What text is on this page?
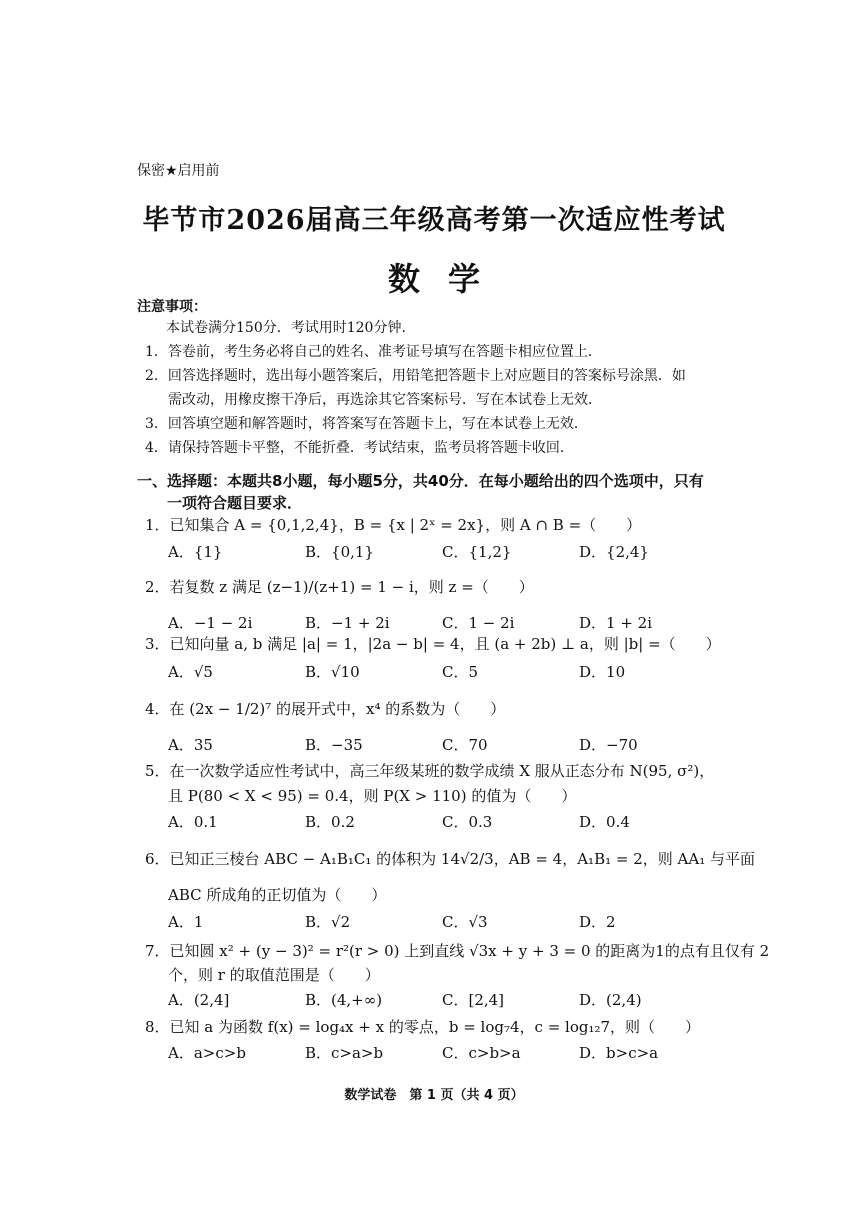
保密★启用前
毕节市2026届高三年级高考第一次适应性考试
数学
注意事项：
本试卷满分150分．考试用时120分钟．
1．答卷前，考生务必将自己的姓名、准考证号填写在答题卡相应位置上．
2．回答选择题时，选出每小题答案后，用铅笔把答题卡上对应题目的答案标号涂黑．如
需改动，用橡皮擦干净后，再选涂其它答案标号．写在本试卷上无效．
3．回答填空题和解答题时，将答案写在答题卡上，写在本试卷上无效．
4．请保持答题卡平整，不能折叠．考试结束，监考员将答题卡收回．
一、选择题：本题共8小题，每小题5分，共40分．在每小题给出的四个选项中，只有
一项符合题目要求．
1．已知集合 A = {0,1,2,4}，B = {x | 2ˣ = 2x}，则 A ∩ B =（　　）
A．{1}	B．{0,1}	C．{1,2}	D．{2,4}
2．若复数 z 满足 (z−1)/(z+1) = 1 − i，则 z =（　　）
A．−1 − 2i	B．−1 + 2i	C．1 − 2i	D．1 + 2i
3．已知向量 a, b 满足 |a| = 1，|2a − b| = 4，且 (a + 2b) ⊥ a，则 |b| =（　　）
A．√5	B．√10	C．5	D．10
4．在 (2x − 1/2)⁷ 的展开式中，x⁴ 的系数为（　　）
A．35	B．−35	C．70	D．−70
5．在一次数学适应性考试中，高三年级某班的数学成绩 X 服从正态分布 N(95, σ²)，
且 P(80 < X < 95) = 0.4，则 P(X > 110) 的值为（　　）
A．0.1	B．0.2	C．0.3	D．0.4
6．已知正三棱台 ABC − A₁B₁C₁ 的体积为 14√2/3，AB = 4，A₁B₁ = 2，则 AA₁ 与平面
ABC 所成角的正切值为（　　）
A．1	B．√2	C．√3	D．2
7．已知圆 x² + (y − 3)² = r²(r > 0) 上到直线 √3x + y + 3 = 0 的距离为1的点有且仅有 2
个，则 r 的取值范围是（　　）
A．(2,4]	B．(4,+∞)	C．[2,4]	D．(2,4)
8．已知 a 为函数 f(x) = log₄x + x 的零点，b = log₇4，c = log₁₂7，则（　　）
A．a>c>b	B．c>a>b	C．c>b>a	D．b>c>a
数学试卷　第 1 页（共 4 页）
